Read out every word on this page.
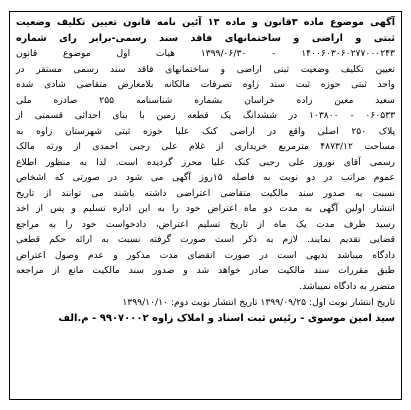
آگهی موضوع ماده ۳قانون و ماده ۱۳ آئین نامه قانون تعیین تکلیف وضعیت
ثبتی و اراضی و ساختمانهای فاقد سند رسمی-برابر رای شماره
۱۴۰۰۶۰۳۰۶۰۲۷۷۰۰۰۲۴۳ - ۱۳۹۹/۰۶/۳۰ هیات اول موضوع قانون
تعیین تکلیف وضعیت ثبتی اراضی و ساختمانهای فاقد سند رسمی مستقر در
واحد ثبتی حوزه ثبت سند زاوه تصرفات مالکانه بلامعارض متقاضی شادی شده
سعید معین زاده خراسان بشماره شناسنامه ۲۵۵ صادره ملی
۰۶۰۵۳۳ - ۱۰۳۸۰۰ در ششدانگ یک قطعه زمین با بنای احداثی قسمتی از
پلاک ۲۵۰ اصلی واقع در اراضی کنک علیا حوزه ثبتی شهرستان زاوه به
مساحت ۴۸۷۳/۱۲ مترمربع خریداری از غلام علی رجبی احمدی از ورثه مالک
رسمی آقای نوروز علی رجبی کنک علیا محرز گردیده است. لذا به منظور اطلاع
عموم مراتب در دو نوبت به فاصله ۱۵روز آگهی می شود در صورتی که اشخاص
نسبت به صدور سند مالکیت متقاضی اعتراضی داشته باشند می توانند از تاریخ
انتشار اولین آگهی به مدت دو ماه اعتراض خود را به این اداره تسلیم و پس از اخذ
رسید ظرف مدت یک ماه از تاریخ تسلیم اعتراض، دادخواست خود را به مراجع
قضایی تقدیم نمایند. لازم به ذکر است صورت گرفته نسبت به ارائه حکم قطعی
دادگاه میباشد بدیهی است در صورت انقضای مدت مذکور و عدم وصول اعتراض
طبق مقررات سند مالکیت صادر خواهد شد و صدور سند مالکیت مانع از مراجعه
متضرر به دادگاه نمیباشد.
تاریخ انتشار نوبت اول: ۱۳۹۹/۰۹/۲۵ تاریخ انتشار نوبت دوم: ۱۳۹۹/۱۰/۱۰
سید امین موسوی - رئیس ثبت اسناد و املاک زاوه ۹۹۰۷۰۰۰۲ - م.الف
